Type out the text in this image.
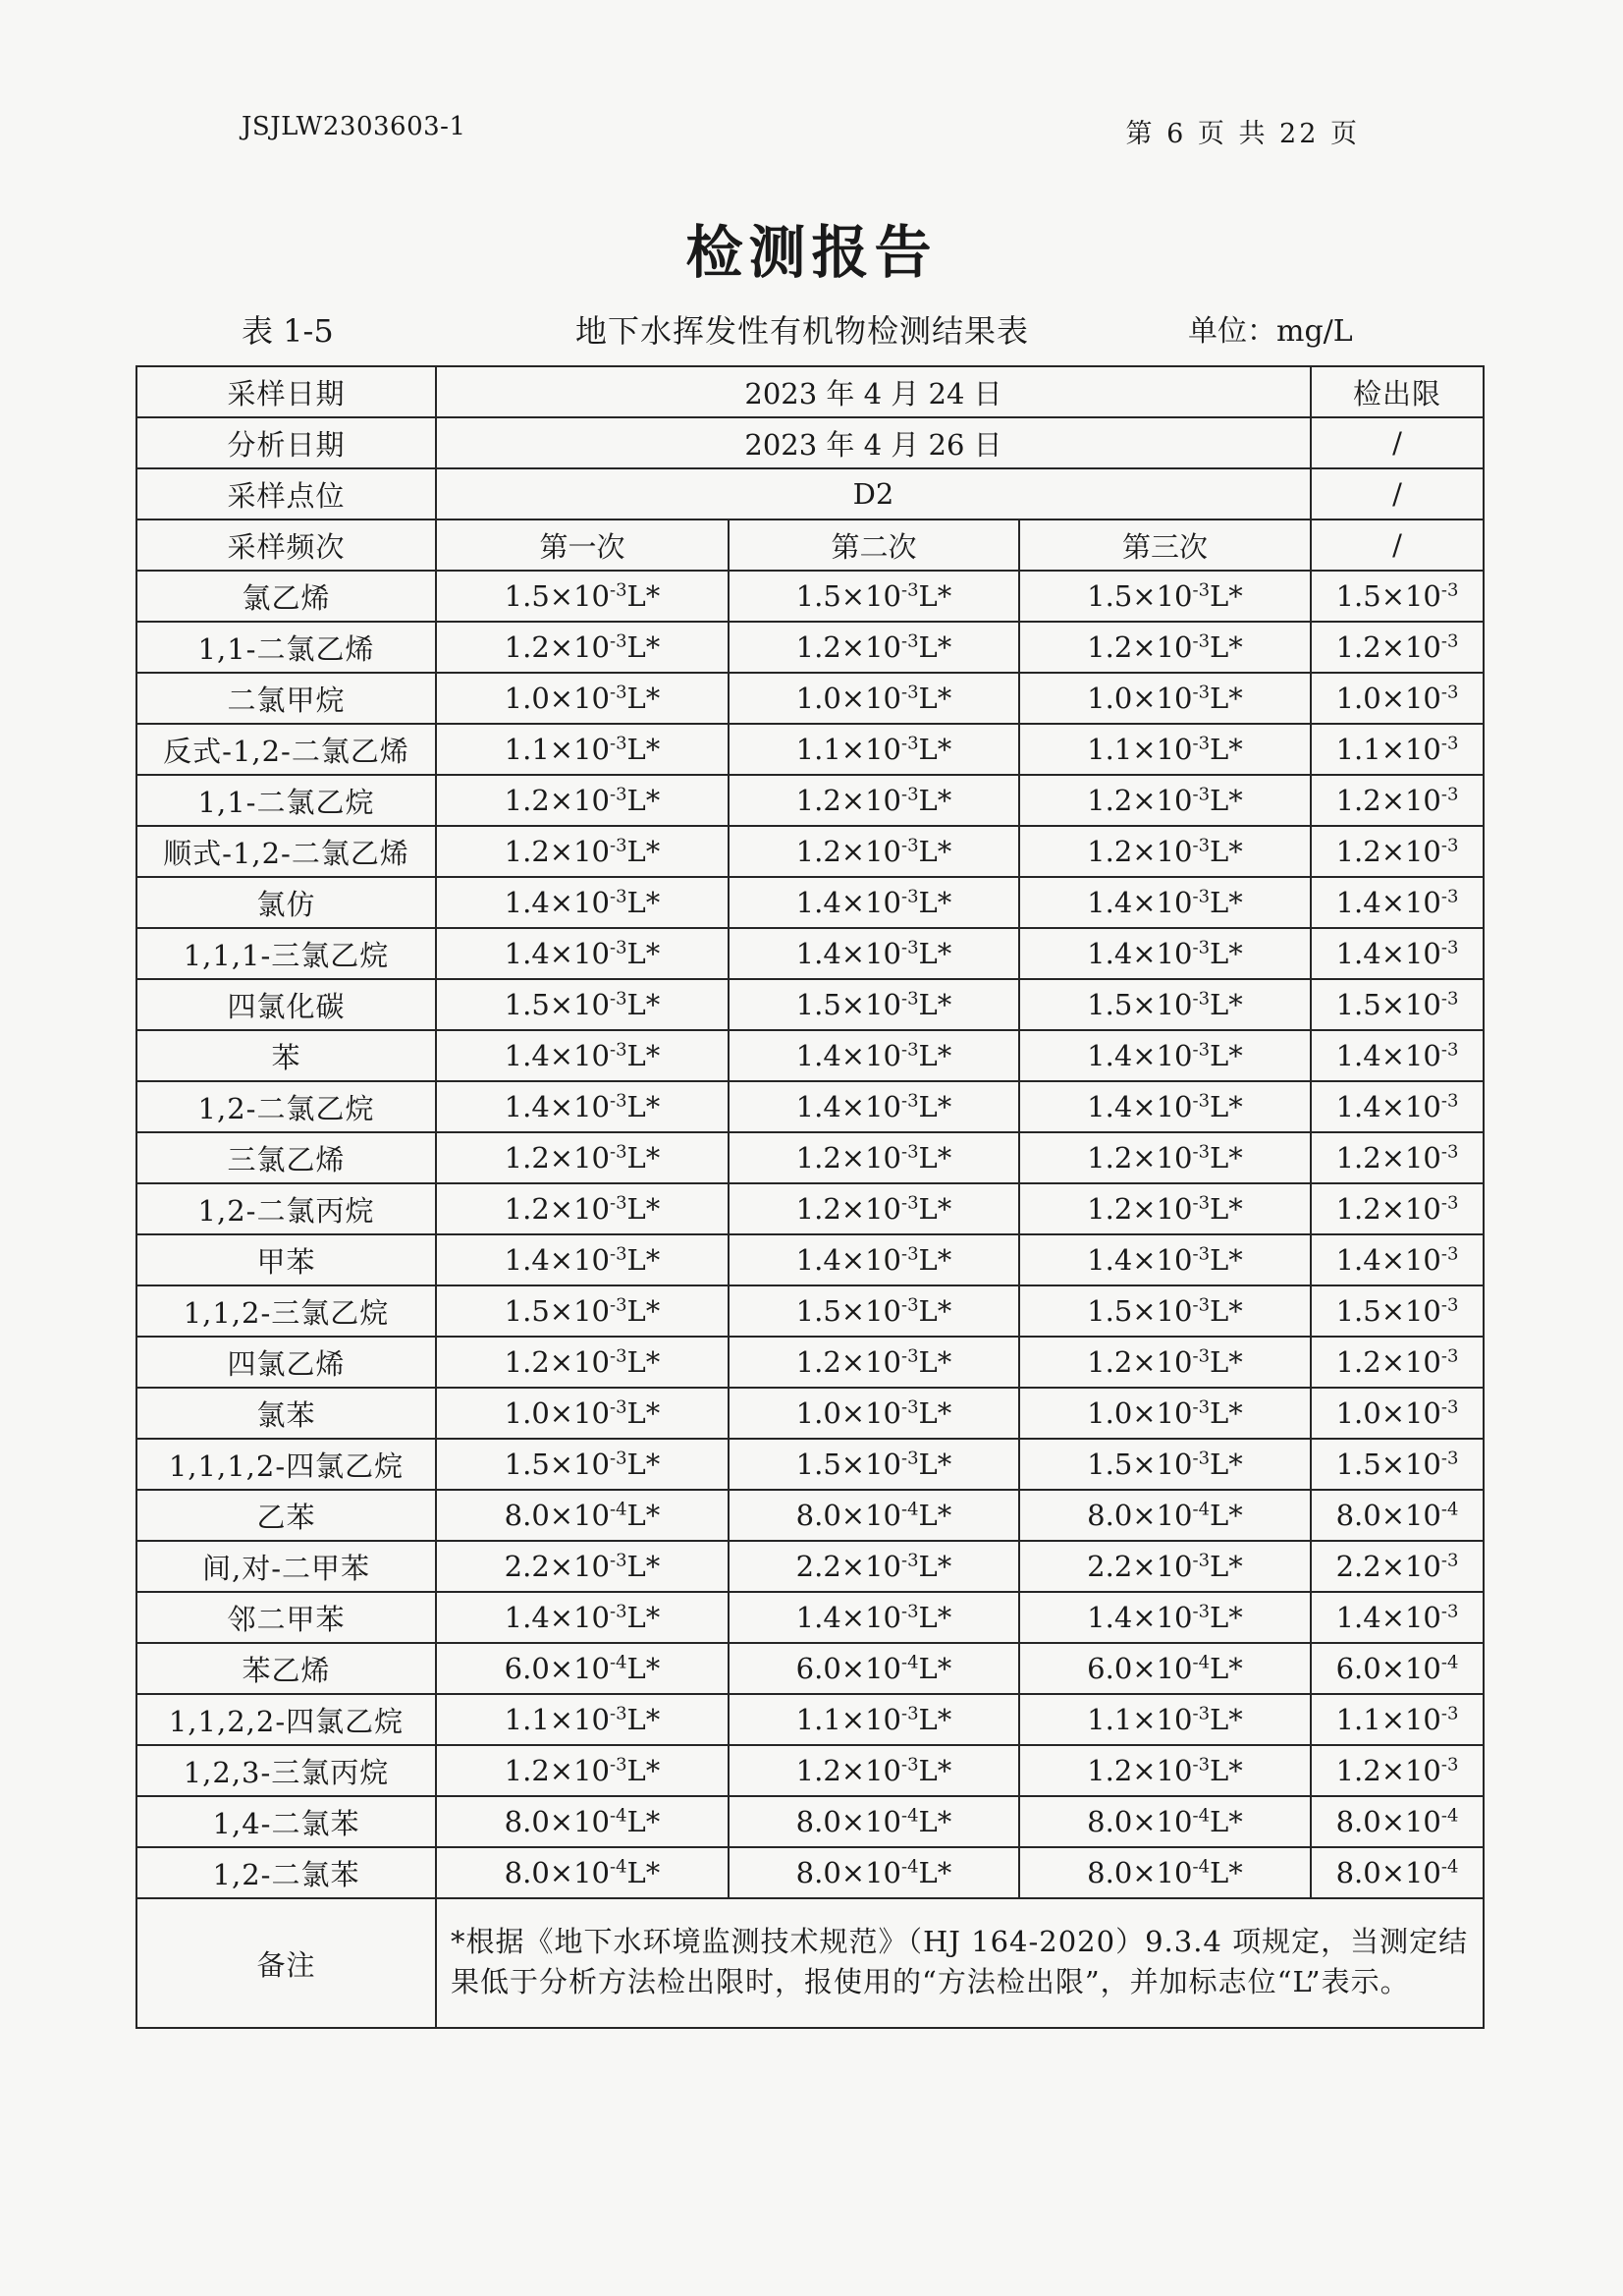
JSJLW2303603-1	第 6 页 共 22 页
检测报告
表 1-5	地下水挥发性有机物检测结果表	单位：mg/L
采样日期	2023 年 4 月 24 日			检出限
分析日期	2023 年 4 月 26 日			/
采样点位	D2			/
采样频次	第一次	第二次	第三次	/
氯乙烯	$1.5\times 10^{-3}L*$	$1.5\times 10^{-3}L*$	$1.5\times 10^{-3}L*$	$1.5\times 10^{-3}$
1,1-二氯乙烯	$1.2\times 10^{-3}L*$	$1.2\times 10^{-3}L*$	$1.2\times 10^{-3}L*$	$1.2\times 10^{-3}$
二氯甲烷	$1.0\times 10^{-3}L*$	$1.0\times 10^{-3}L*$	$1.0\times 10^{-3}L*$	$1.0\times 10^{-3}$
反式-1,2-二氯乙烯	$1.1\times 10^{-3}L*$	$1.1\times 10^{-3}L*$	$1.1\times 10^{-3}L*$	$1.1\times 10^{-3}$
1,1-二氯乙烷	$1.2\times 10^{-3}L*$	$1.2\times 10^{-3}L*$	$1.2\times 10^{-3}L*$	$1.2\times 10^{-3}$
顺式-1,2-二氯乙烯	$1.2\times 10^{-3}L*$	$1.2\times 10^{-3}L*$	$1.2\times 10^{-3}L*$	$1.2\times 10^{-3}$
氯仿	$1.4\times 10^{-3}L*$	$1.4\times 10^{-3}L*$	$1.4\times 10^{-3}L*$	$1.4\times 10^{-3}$
1,1,1-三氯乙烷	$1.4\times 10^{-3}L*$	$1.4\times 10^{-3}L*$	$1.4\times 10^{-3}L*$	$1.4\times 10^{-3}$
四氯化碳	$1.5\times 10^{-3}L*$	$1.5\times 10^{-3}L*$	$1.5\times 10^{-3}L*$	$1.5\times 10^{-3}$
苯	$1.4\times 10^{-3}L*$	$1.4\times 10^{-3}L*$	$1.4\times 10^{-3}L*$	$1.4\times 10^{-3}$
1,2-二氯乙烷	$1.4\times 10^{-3}L*$	$1.4\times 10^{-3}L*$	$1.4\times 10^{-3}L*$	$1.4\times 10^{-3}$
三氯乙烯	$1.2\times 10^{-3}L*$	$1.2\times 10^{-3}L*$	$1.2\times 10^{-3}L*$	$1.2\times 10^{-3}$
1,2-二氯丙烷	$1.2\times 10^{-3}L*$	$1.2\times 10^{-3}L*$	$1.2\times 10^{-3}L*$	$1.2\times 10^{-3}$
甲苯	$1.4\times 10^{-3}L*$	$1.4\times 10^{-3}L*$	$1.4\times 10^{-3}L*$	$1.4\times 10^{-3}$
1,1,2-三氯乙烷	$1.5\times 10^{-3}L*$	$1.5\times 10^{-3}L*$	$1.5\times 10^{-3}L*$	$1.5\times 10^{-3}$
四氯乙烯	$1.2\times 10^{-3}L*$	$1.2\times 10^{-3}L*$	$1.2\times 10^{-3}L*$	$1.2\times 10^{-3}$
氯苯	$1.0\times 10^{-3}L*$	$1.0\times 10^{-3}L*$	$1.0\times 10^{-3}L*$	$1.0\times 10^{-3}$
1,1,1,2-四氯乙烷	$1.5\times 10^{-3}L*$	$1.5\times 10^{-3}L*$	$1.5\times 10^{-3}L*$	$1.5\times 10^{-3}$
乙苯	$8.0\times 10^{-4}L*$	$8.0\times 10^{-4}L*$	$8.0\times 10^{-4}L*$	$8.0\times 10^{-4}$
间,对-二甲苯	$2.2\times 10^{-3}L*$	$2.2\times 10^{-3}L*$	$2.2\times 10^{-3}L*$	$2.2\times 10^{-3}$
邻二甲苯	$1.4\times 10^{-3}L*$	$1.4\times 10^{-3}L*$	$1.4\times 10^{-3}L*$	$1.4\times 10^{-3}$
苯乙烯	$6.0\times 10^{-4}L*$	$6.0\times 10^{-4}L*$	$6.0\times 10^{-4}L*$	$6.0\times 10^{-4}$
1,1,2,2-四氯乙烷	$1.1\times 10^{-3}L*$	$1.1\times 10^{-3}L*$	$1.1\times 10^{-3}L*$	$1.1\times 10^{-3}$
1,2,3-三氯丙烷	$1.2\times 10^{-3}L*$	$1.2\times 10^{-3}L*$	$1.2\times 10^{-3}L*$	$1.2\times 10^{-3}$
1,4-二氯苯	$8.0\times 10^{-4}L*$	$8.0\times 10^{-4}L*$	$8.0\times 10^{-4}L*$	$8.0\times 10^{-4}$
1,2-二氯苯	$8.0\times 10^{-4}L*$	$8.0\times 10^{-4}L*$	$8.0\times 10^{-4}L*$	$8.0\times 10^{-4}$
备注	*根据《地下水环境监测技术规范》（HJ 164-2020）9.3.4 项规定，当测定结果低于分析方法检出限时，报使用的“方法检出限”，并加标志位“L”表示。			
